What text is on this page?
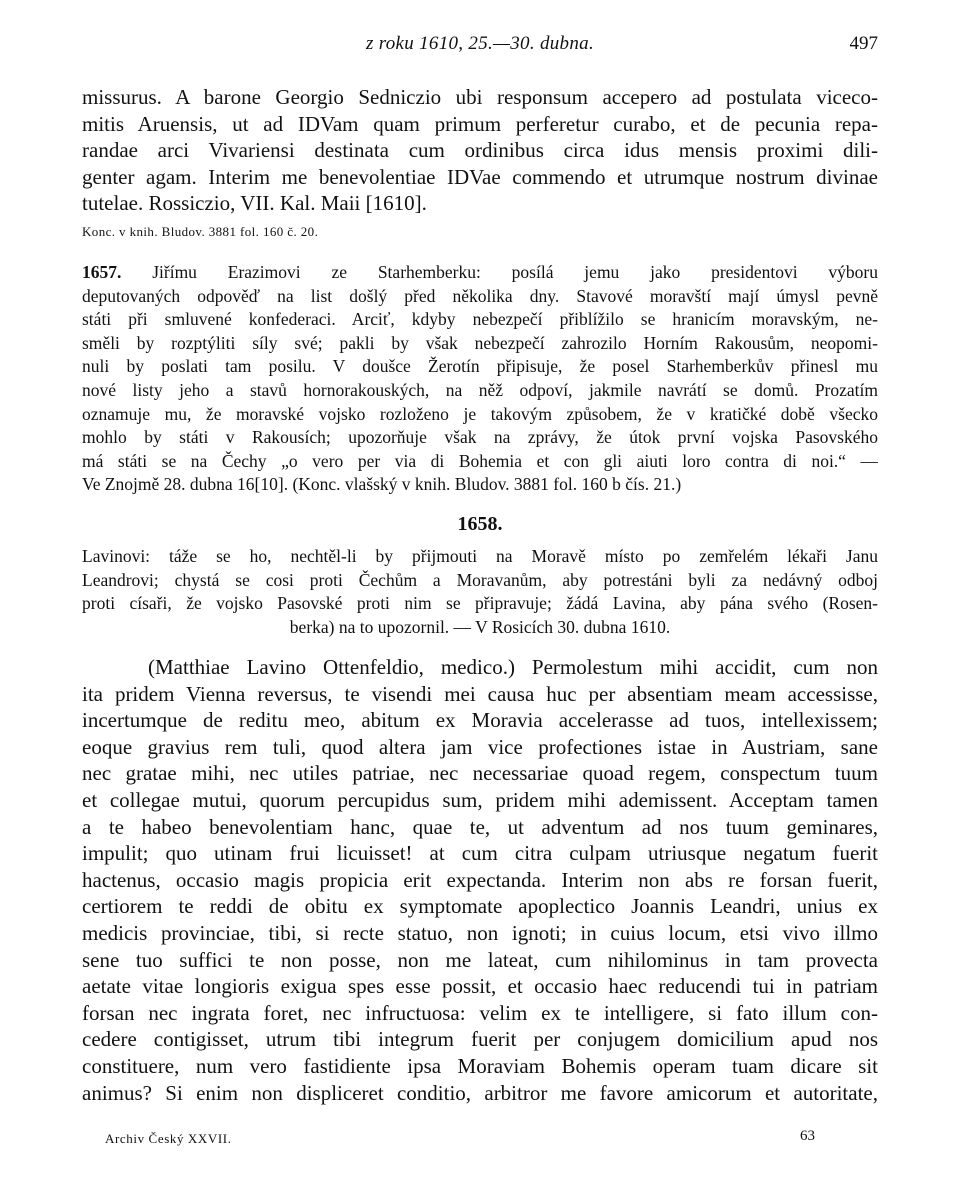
z roku 1610, 25.—30. dubna.	497
missurus. A barone Georgio Sedniczio ubi responsum accepero ad postulata viceco-
mitis Aruensis, ut ad IDVam quam primum perferetur curabo, et de pecunia repa-
randae arci Vivariensi destinata cum ordinibus circa idus mensis proximi dili-
genter agam. Interim me benevolentiae IDVae commendo et utrumque nostrum divinae
tutelae. Rossiczio, VII. Kal. Maii [1610].
Konc. v knih. Bludov. 3881 fol. 160 č. 20.
1657. Jiřímu Erazimovi ze Starhemberku: posílá jemu jako presidentovi výboru
deputovaných odpověď na list došlý před několika dny. Stavové moravští mají úmysl pevně
státi při smluvené konfederaci. Arciť, kdyby nebezpečí přiblížilo se hranicím moravským, ne-
směli by rozptýliti síly své; pakli by však nebezpečí zahrozilo Horním Rakousům, neopomi-
nuli by poslati tam posilu. V doušce Žerotín připisuje, že posel Starhemberkův přinesl mu
nové listy jeho a stavů hornorakouských, na něž odpoví, jakmile navrátí se domů. Prozatím
oznamuje mu, že moravské vojsko rozloženo je takovým způsobem, že v kratičké době všecko
mohlo by státi v Rakousích; upozorňuje však na zprávy, že útok první vojska Pasovského
má státi se na Čechy „o vero per via di Bohemia et con gli aiuti loro contra di noi.“ —
Ve Znojmě 28. dubna 16[10]. (Konc. vlašský v knih. Bludov. 3881 fol. 160 b čís. 21.)
1658.
Lavinovi: táže se ho, nechtěl-li by přijmouti na Moravě místo po zemřelém lékaři Janu
Leandrovi; chystá se cosi proti Čechům a Moravanům, aby potrestáni byli za nedávný odboj
proti císaři, že vojsko Pasovské proti nim se připravuje; žádá Lavina, aby pána svého (Rosen-
berka) na to upozornil. — V Rosicích 30. dubna 1610.
(Matthiae Lavino Ottenfeldio, medico.) Permolestum mihi accidit, cum non
ita pridem Vienna reversus, te visendi mei causa huc per absentiam meam accessisse,
incertumque de reditu meo, abitum ex Moravia accelerasse ad tuos, intellexissem;
eoque gravius rem tuli, quod altera jam vice profectiones istae in Austriam, sane
nec gratae mihi, nec utiles patriae, nec necessariae quoad regem, conspectum tuum
et collegae mutui, quorum percupidus sum, pridem mihi ademissent. Acceptam tamen
a te habeo benevolentiam hanc, quae te, ut adventum ad nos tuum geminares,
impulit; quo utinam frui licuisset! at cum citra culpam utriusque negatum fuerit
hactenus, occasio magis propicia erit expectanda. Interim non abs re forsan fuerit,
certiorem te reddi de obitu ex symptomate apoplectico Joannis Leandri, unius ex
medicis provinciae, tibi, si recte statuo, non ignoti; in cuius locum, etsi vivo illmo
sene tuo suffici te non posse, non me lateat, cum nihilominus in tam provecta
aetate vitae longioris exigua spes esse possit, et occasio haec reducendi tui in patriam
forsan nec ingrata foret, nec infructuosa: velim ex te intelligere, si fato illum con-
cedere contigisset, utrum tibi integrum fuerit per conjugem domicilium apud nos
constituere, num vero fastidiente ipsa Moraviam Bohemis operam tuam dicare sit
animus? Si enim non displiceret conditio, arbitror me favore amicorum et autoritate,
Archiv Český XXVII.	63
